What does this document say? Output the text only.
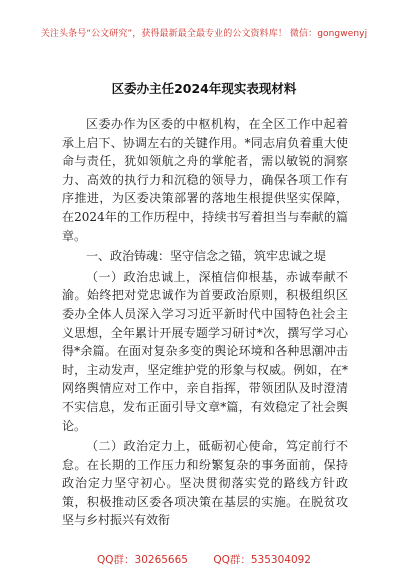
关注头条号“公文研究”，获得最新最全最专业的公文资料库！ 微信：gongwenyj
区委办主任2024年现实表现材料

区委办作为区委的中枢机构，在全区工作中起着承上启下、协调左右的关键作用。*同志肩负着重大使命与责任，犹如领航之舟的掌舵者，需以敏锐的洞察力、高效的执行力和沉稳的领导力，确保各项工作有序推进，为区委决策部署的落地生根提供坚实保障，在2024年的工作历程中，持续书写着担当与奉献的篇章。

一、政治铸魂：坚守信念之锚，筑牢忠诚之堤

（一）政治忠诚上，深植信仰根基，赤诚奉献不渝。始终把对党忠诚作为首要政治原则，积极组织区委办全体人员深入学习习近平新时代中国特色社会主义思想，全年累计开展专题学习研讨*次，撰写学习心得*余篇。在面对复杂多变的舆论环境和各种思潮冲击时，主动发声，坚定维护党的形象与权威。例如，在*网络舆情应对工作中，亲自指挥，带领团队及时澄清不实信息，发布正面引导文章*篇，有效稳定了社会舆论。

（二）政治定力上，砥砺初心使命，笃定前行不怠。在长期的工作压力和纷繁复杂的事务面前，保持政治定力坚守初心。坚决贯彻落实党的路线方针政策，积极推动区委各项决策在基层的实施。在脱贫攻坚与乡村振兴有效衔

QQ群：30265665 QQ群：535304092
